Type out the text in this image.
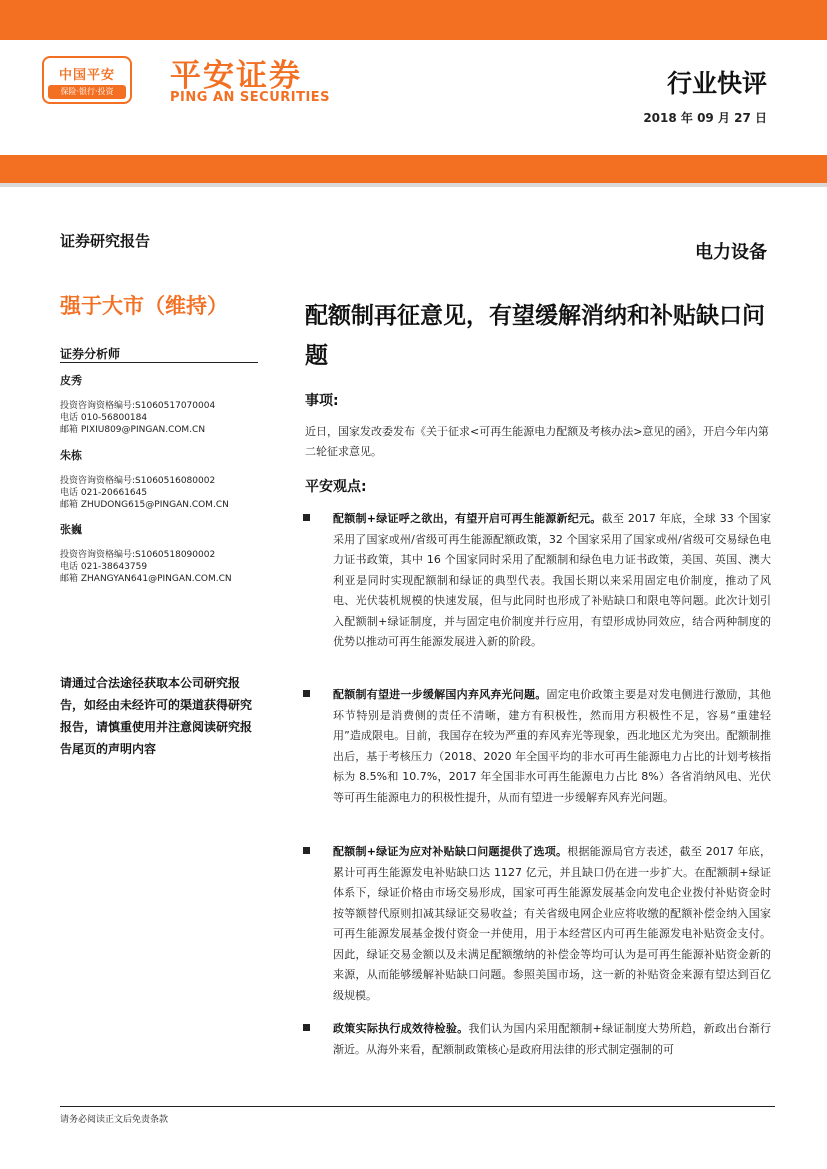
中国平安
保险·银行·投资	平安证券
PING AN SECURITIES	行业快评
2018 年 09 月 27 日
证券研究报告
电力设备
强于大市（维持）
证券分析师
皮秀
投资咨询资格编号:S1060517070004
电话 010-56800184
邮箱 PIXIU809@PINGAN.COM.CN
朱栋
投资咨询资格编号:S1060516080002
电话 021-20661645
邮箱 ZHUDONG615@PINGAN.COM.CN
张巍
投资咨询资格编号:S1060518090002
电话 021-38643759
邮箱 ZHANGYAN641@PINGAN.COM.CN
请通过合法途径获取本公司研究报告，如经由未经许可的渠道获得研究报告，请慎重使用并注意阅读研究报告尾页的声明内容
配额制再征意见，有望缓解消纳和补贴缺口问题
事项:
近日，国家发改委发布《关于征求<可再生能源电力配额及考核办法>意见的函》，开启今年内第二轮征求意见。
平安观点:
配额制+绿证呼之欲出，有望开启可再生能源新纪元。截至 2017 年底，全球 33 个国家采用了国家或州/省级可再生能源配额政策，32 个国家采用了国家或州/省级可交易绿色电力证书政策，其中 16 个国家同时采用了配额制和绿色电力证书政策，美国、英国、澳大利亚是同时实现配额制和绿证的典型代表。我国长期以来采用固定电价制度，推动了风电、光伏装机规模的快速发展，但与此同时也形成了补贴缺口和限电等问题。此次计划引入配额制+绿证制度，并与固定电价制度并行应用，有望形成协同效应，结合两种制度的优势以推动可再生能源发展进入新的阶段。
配额制有望进一步缓解国内弃风弃光问题。固定电价政策主要是对发电侧进行激励，其他环节特别是消费侧的责任不清晰，建方有积极性，然而用方积极性不足，容易“重建轻用”造成限电。目前，我国存在较为严重的弃风弃光等现象，西北地区尤为突出。配额制推出后，基于考核压力（2018、2020 年全国平均的非水可再生能源电力占比的计划考核指标为 8.5%和 10.7%，2017 年全国非水可再生能源电力占比 8%）各省消纳风电、光伏等可再生能源电力的积极性提升，从而有望进一步缓解弃风弃光问题。
配额制+绿证为应对补贴缺口问题提供了选项。根据能源局官方表述，截至 2017 年底，累计可再生能源发电补贴缺口达 1127 亿元，并且缺口仍在进一步扩大。在配额制+绿证体系下，绿证价格由市场交易形成，国家可再生能源发展基金向发电企业拨付补贴资金时按等额替代原则扣减其绿证交易收益；有关省级电网企业应将收缴的配额补偿金纳入国家可再生能源发展基金拨付资金一并使用，用于本经营区内可再生能源发电补贴资金支付。因此，绿证交易金额以及未满足配额缴纳的补偿金等均可认为是可再生能源补贴资金新的来源，从而能够缓解补贴缺口问题。参照美国市场，这一新的补贴资金来源有望达到百亿级规模。
政策实际执行成效待检验。我们认为国内采用配额制+绿证制度大势所趋，新政出台渐行渐近。从海外来看，配额制政策核心是政府用法律的形式制定强制的可
请务必阅读正文后免责条款
